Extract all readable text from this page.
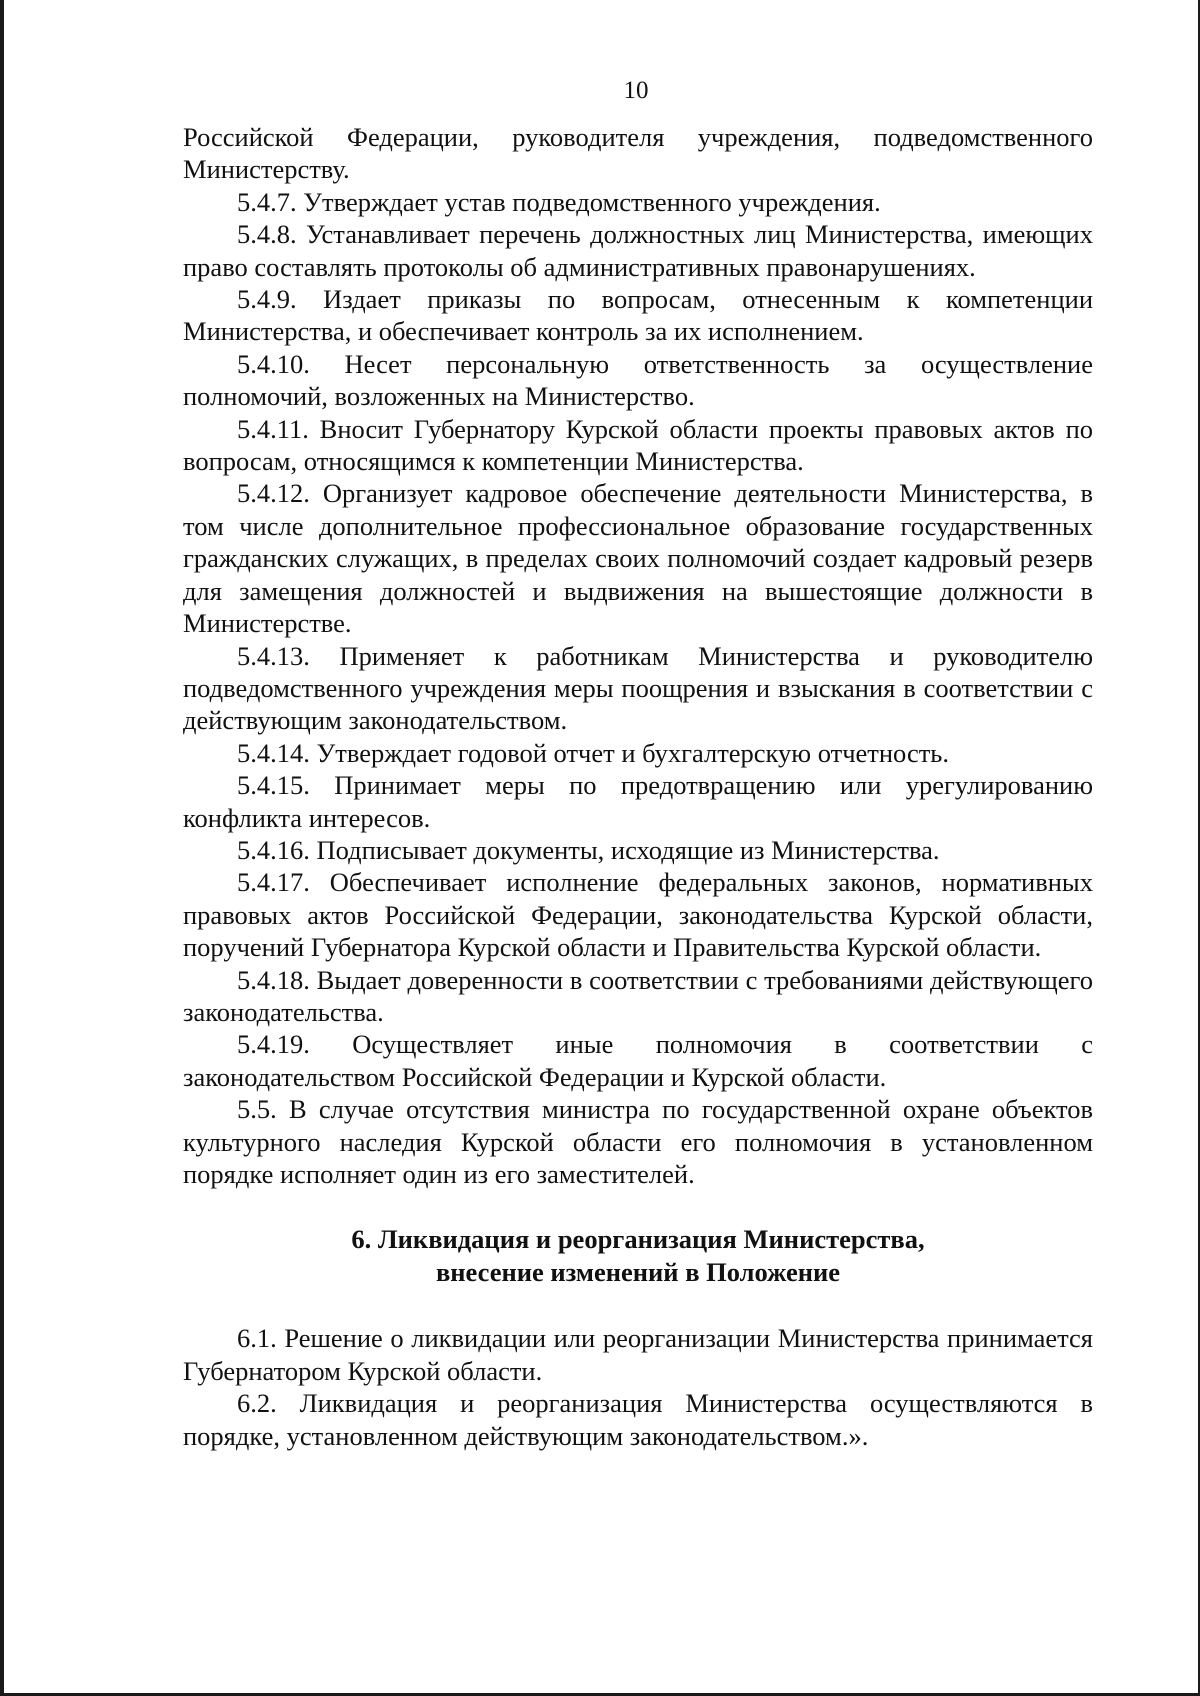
10

Российской Федерации, руководителя учреждения, подведомственного Министерству.

5.4.7. Утверждает устав подведомственного учреждения.

5.4.8. Устанавливает перечень должностных лиц Министерства, имеющих право составлять протоколы об административных правонарушениях.

5.4.9. Издает приказы по вопросам, отнесенным к компетенции Министерства, и обеспечивает контроль за их исполнением.

5.4.10. Несет персональную ответственность за осуществление полномочий, возложенных на Министерство.

5.4.11. Вносит Губернатору Курской области проекты правовых актов по вопросам, относящимся к компетенции Министерства.

5.4.12. Организует кадровое обеспечение деятельности Министерства, в том числе дополнительное профессиональное образование государственных гражданских служащих, в пределах своих полномочий создает кадровый резерв для замещения должностей и выдвижения на вышестоящие должности в Министерстве.

5.4.13. Применяет к работникам Министерства и руководителю подведомственного учреждения меры поощрения и взыскания в соответствии с действующим законодательством.

5.4.14. Утверждает годовой отчет и бухгалтерскую отчетность.

5.4.15. Принимает меры по предотвращению или урегулированию конфликта интересов.

5.4.16. Подписывает документы, исходящие из Министерства.

5.4.17. Обеспечивает исполнение федеральных законов, нормативных правовых актов Российской Федерации, законодательства Курской области, поручений Губернатора Курской области и Правительства Курской области.

5.4.18. Выдает доверенности в соответствии с требованиями действующего законодательства.

5.4.19. Осуществляет иные полномочия в соответствии с законодательством Российской Федерации и Курской области.

5.5. В случае отсутствия министра по государственной охране объектов культурного наследия Курской области его полномочия в установленном порядке исполняет один из его заместителей.

6. Ликвидация и реорганизация Министерства,

внесение изменений в Положение

6.1. Решение о ликвидации или реорганизации Министерства принимается Губернатором Курской области.

6.2. Ликвидация и реорганизация Министерства осуществляются в порядке, установленном действующим законодательством.».
